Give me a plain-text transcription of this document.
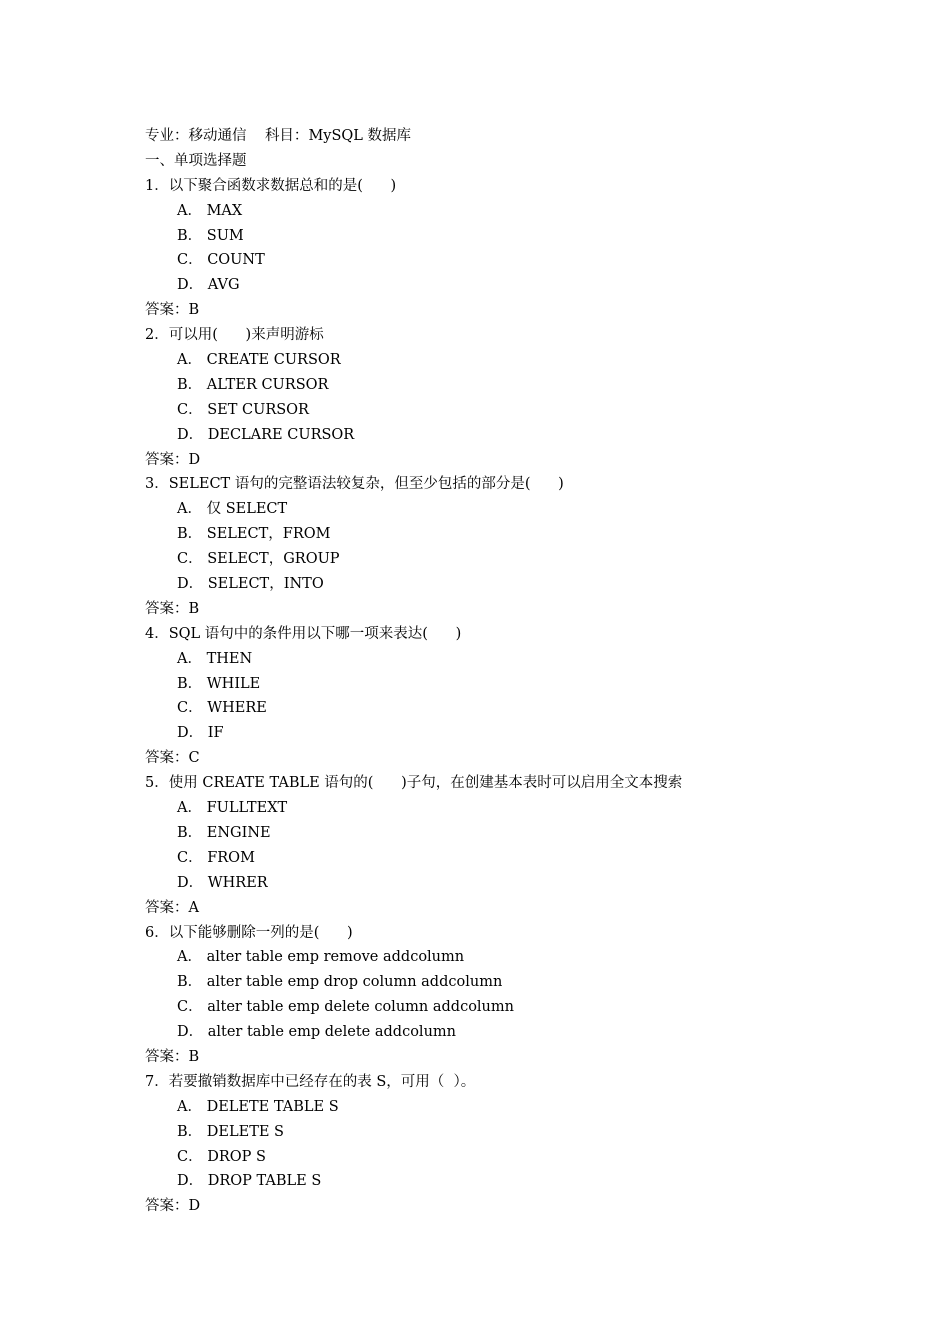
专业：移动通信 科目：MySQL 数据库
一、单项选择题
1．以下聚合函数求数据总和的是(      )
A． MAX
B． SUM
C． COUNT
D． AVG
答案：B
2．可以用(      )来声明游标
A． CREATE CURSOR
B． ALTER CURSOR
C． SET CURSOR
D． DECLARE CURSOR
答案：D
3．SELECT 语句的完整语法较复杂，但至少包括的部分是(      )
A． 仅 SELECT
B． SELECT，FROM
C． SELECT，GROUP
D． SELECT，INTO
答案：B
4．SQL 语句中的条件用以下哪一项来表达(      )
A． THEN
B． WHILE
C． WHERE
D． IF
答案：C
5．使用 CREATE TABLE 语句的(      )子句，在创建基本表时可以启用全文本搜索
A． FULLTEXT
B． ENGINE
C． FROM
D． WHRER
答案：A
6．以下能够删除一列的是(      )
A． alter table emp remove addcolumn
B． alter table emp drop column addcolumn
C． alter table emp delete column addcolumn
D． alter table emp delete addcolumn
答案：B
7．若要撤销数据库中已经存在的表 S，可用（  ）。
A． DELETE TABLE S
B． DELETE S
C． DROP S
D． DROP TABLE S
答案：D
